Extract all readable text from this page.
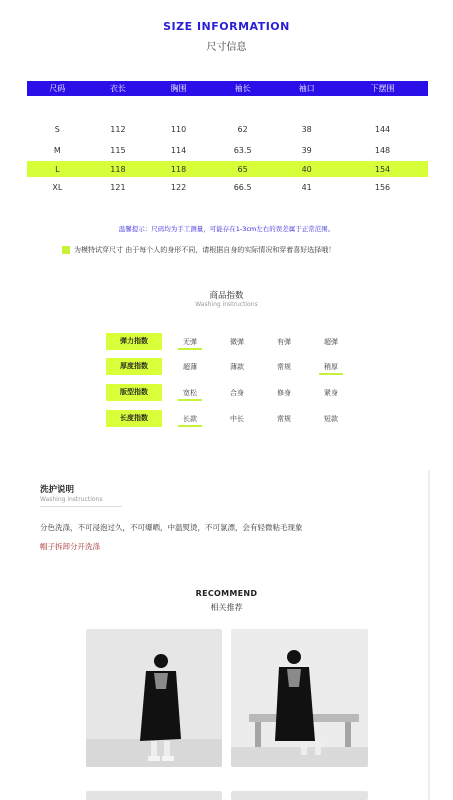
SIZE INFORMATION
尺寸信息
尺码	衣长	胸围	袖长	袖口	下摆围

S	112	110	62	38	144
M	115	114	63.5	39	148
L	118	118	65	40	154
XL	121	122	66.5	41	156
温馨提示：尺码均为手工测量，可能存在1-3cm左右的误差属于正常范围。
为模特试穿尺寸 由于每个人的身形不同，请根据自身的实际情况和穿着喜好选择哦！
商品指数
Washing instructions
弹力指数	无弹	微弹	有弹	超弹
厚度指数	超薄	薄款	常规	稍厚
版型指数	宽松	合身	修身	紧身
长度指数	长款	中长	常规	短款
洗护说明
Washing instructions
分色洗涤，不可浸泡过久，不可爆晒，中温熨烫，不可氯漂，会有轻微粘毛现象
帽子拆卸分开洗涤
RECOMMEND
相关推荐
